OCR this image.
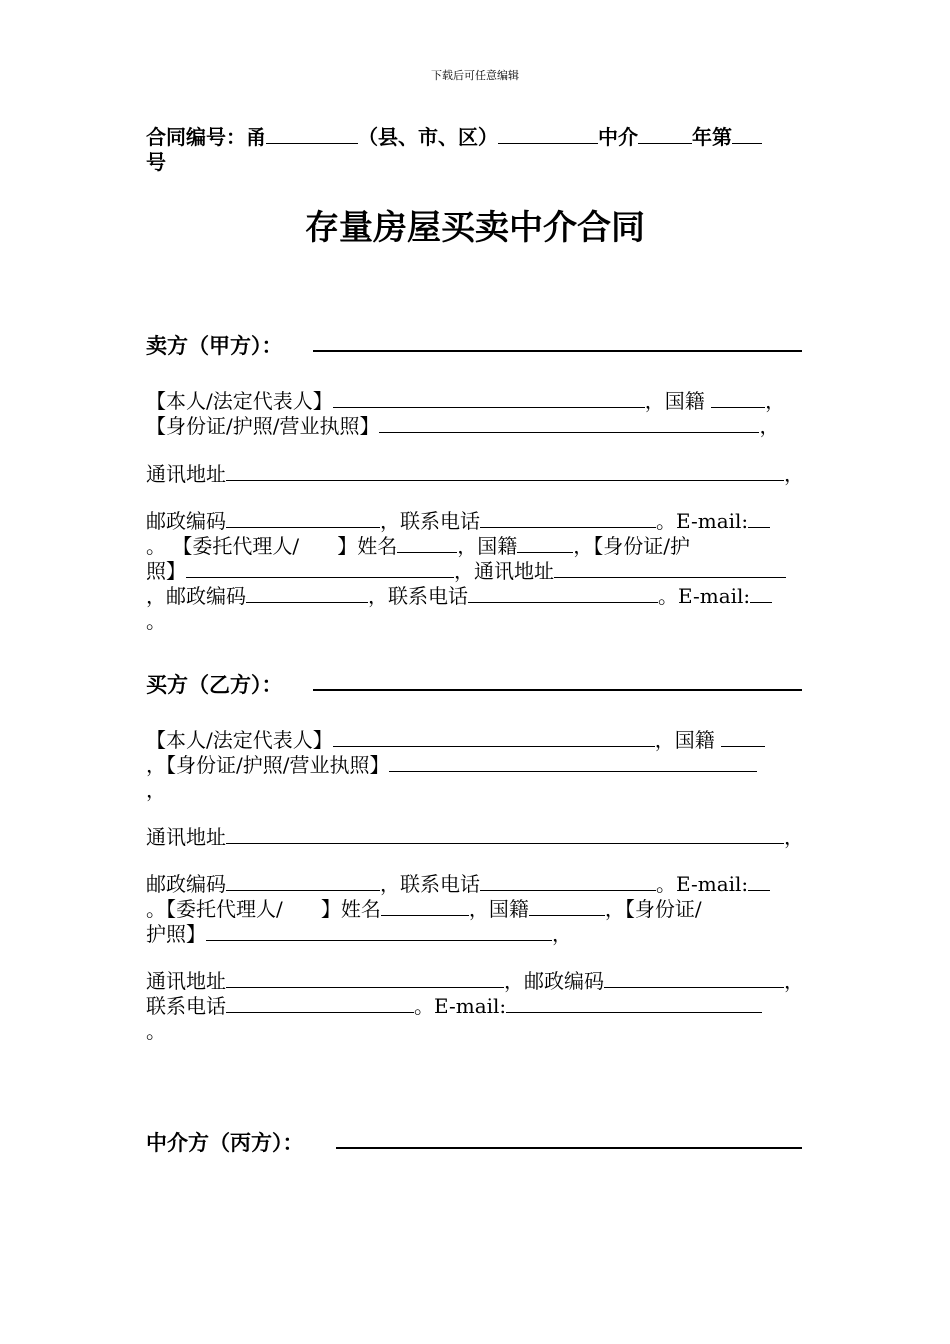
下载后可任意编辑
合同编号：甬	（县、市、区）	中介	年第
号
存量房屋买卖中介合同
卖方（甲方）：
【本人/法定代表人】	，国籍	，
【身份证/护照/营业执照】	，
通讯地址	，
邮政编码	，联系电话	。E-mail:
。 【委托代理人/ 】姓名	，国籍	，【身份证/护
照】	，通讯地址
，邮政编码	，联系电话	。E-mail:
。
买方（乙方）：
【本人/法定代表人】	，国籍
，【身份证/护照/营业执照】
，
通讯地址	，
邮政编码	，联系电话	。E-mail:
。【委托代理人/ 】姓名	，国籍	，【身份证/
护照】	，
通讯地址	，邮政编码	，
联系电话	。E-mail:
。
中介方（丙方）：
